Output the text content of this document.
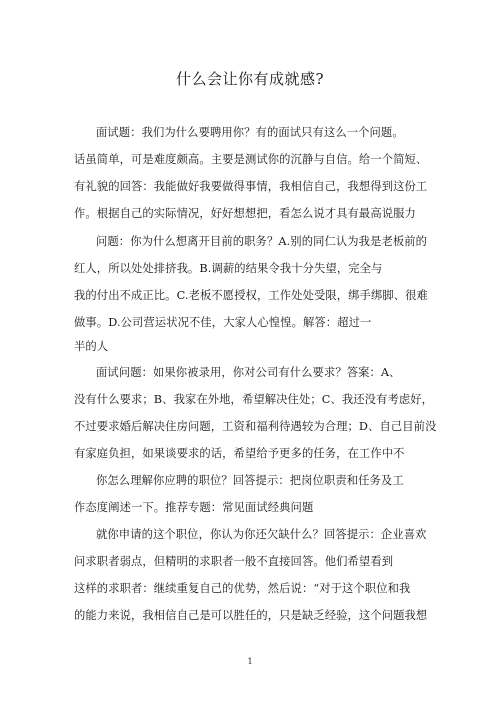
什么会让你有成就感?
面试题：我们为什么要聘用你？有的面试只有这么一个问题。
话虽简单，可是难度颇高。主要是测试你的沉静与自信。给一个简短、
有礼貌的回答：我能做好我要做得事情，我相信自己，我想得到这份工
作。根据自己的实际情况，好好想想把，看怎么说才具有最高说服力
问题：你为什么想离开目前的职务？A.别的同仁认为我是老板前的
红人，所以处处排挤我。B.调薪的结果令我十分失望，完全与
我的付出不成正比。C.老板不愿授权，工作处处受限，绑手绑脚、很难
做事。D.公司营运状况不佳，大家人心惶惶。解答：超过一
半的人
面试问题：如果你被录用，你对公司有什么要求？答案：A、
没有什么要求；B、我家在外地，希望解决住处；C、我还没有考虑好，
不过要求婚后解决住房问题，工资和福利待遇较为合理；D、自己目前没
有家庭负担，如果谈要求的话，希望给予更多的任务，在工作中不
你怎么理解你应聘的职位？回答提示：把岗位职责和任务及工
作态度阐述一下。推荐专题：常见面试经典问题
就你申请的这个职位，你认为你还欠缺什么？回答提示：企业喜欢
问求职者弱点，但精明的求职者一般不直接回答。他们希望看到
这样的求职者：继续重复自己的优势，然后说：“对于这个职位和我
的能力来说，我相信自己是可以胜任的，只是缺乏经验，这个问题我想
1
